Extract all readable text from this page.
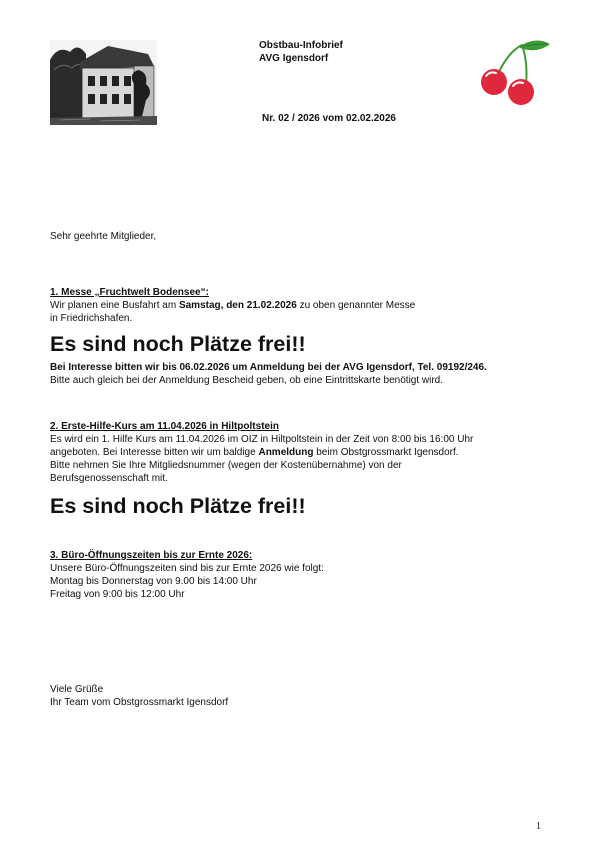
Obstbau-Infobrief
AVG Igensdorf
Nr. 02 / 2026 vom 02.02.2026
Sehr geehrte Mitglieder,
1. Messe „Fruchtwelt Bodensee“:
Wir planen eine Busfahrt am Samstag, den 21.02.2026 zu oben genannter Messe
in Friedrichshafen.
Es sind noch Plätze frei!!
Bei Interesse bitten wir bis 06.02.2026 um Anmeldung bei der AVG Igensdorf, Tel. 09192/246.
Bitte auch gleich bei der Anmeldung Bescheid geben, ob eine Eintrittskarte benötigt wird.
2. Erste-Hilfe-Kurs am 11.04.2026 in Hiltpoltstein
Es wird ein 1. Hilfe Kurs am 11.04.2026 im OIZ in Hiltpoltstein in der Zeit von 8:00 bis 16:00 Uhr
angeboten. Bei Interesse bitten wir um baldige Anmeldung beim Obstgrossmarkt Igensdorf.
Bitte nehmen Sie Ihre Mitgliedsnummer (wegen der Kostenübernahme) von der
Berufsgenossenschaft mit.
Es sind noch Plätze frei!!
3. Büro-Öffnungszeiten bis zur Ernte 2026:
Unsere Büro-Öffnungszeiten sind bis zur Ernte 2026 wie folgt:
Montag bis Donnerstag von 9.00 bis 14:00 Uhr
Freitag von 9:00 bis 12:00 Uhr
Viele Grüße
Ihr Team vom Obstgrossmarkt Igensdorf
1
